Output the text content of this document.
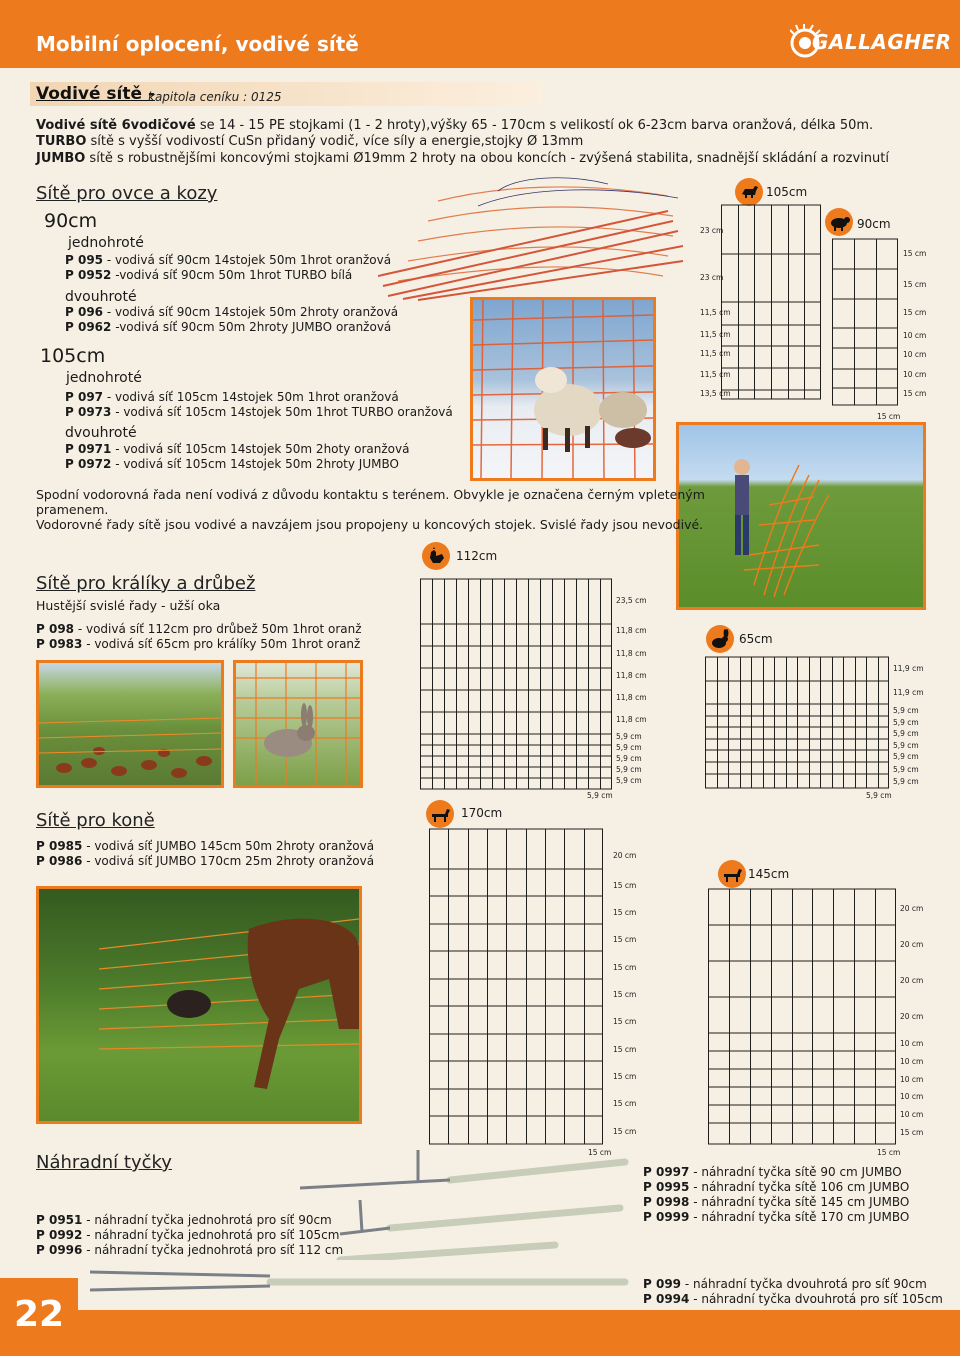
Mobilní oplocení, vodivé sítě	GALLAGHER
Vodivé sítě -
kapitola ceníku : 0125
Vodivé sítě 6vodičové se 14 - 15 PE stojkami (1 - 2 hroty),výšky 65 - 170cm s velikostí ok 6-23cm barva oranžová, délka 50m.
TURBO sítě s vyšší vodivostí CuSn přidaný vodič, více síly a energie,stojky Ø 13mm
JUMBO sítě s robustnějšími koncovými stojkami Ø19mm 2 hroty na obou koncích - zvýšená stabilita, snadnější skládání a rozvinutí
Sítě pro ovce a kozy
90cm
jednohroté
P 095 - vodivá síť 90cm 14stojek 50m 1hrot oranžová
P 0952 -vodivá síť 90cm 50m 1hrot TURBO bílá
dvouhroté
P 096 - vodivá síť 90cm 14stojek 50m 2hroty oranžová
P 0962 -vodivá síť 90cm 50m 2hroty JUMBO oranžová
105cm
jednohroté
P 097 - vodivá síť 105cm 14stojek 50m 1hrot oranžová
P 0973 - vodivá síť 105cm 14stojek 50m 1hrot TURBO oranžová
dvouhroté
P 0971 - vodivá síť 105cm 14stojek 50m 2hoty oranžová
P 0972 - vodivá síť 105cm 14stojek 50m 2hroty JUMBO
105cm
90cm
15 cm
Spodní vodorovná řada není vodivá z důvodu kontaktu s terénem. Obvykle je označena černým vpleteným
pramenem.
Vodorovné řady sítě jsou vodivé a navzájem jsou propojeny u koncových stojek. Svislé řady jsou nevodivé.
Sítě pro králíky a drůbež
Hustější svislé řady - užší oka
P 098 - vodivá síť 112cm pro drůbež 50m 1hrot oranž
P 0983 - vodivá síť 65cm pro králíky 50m 1hrot oranž
112cm
5,9 cm
65cm
5,9 cm
Sítě pro koně
P 0985 - vodivá síť JUMBO 145cm 50m 2hroty oranžová
P 0986 - vodivá síť JUMBO 170cm 25m 2hroty oranžová
170cm
15 cm
145cm
15 cm
Náhradní tyčky
P 0951 - náhradní tyčka jednohrotá pro síť 90cm
P 0992 - náhradní tyčka jednohrotá pro síť 105cm
P 0996 - náhradní tyčka jednohrotá pro síť 112 cm
P 0997 - náhradní tyčka sítě 90 cm JUMBO
P 0995 - náhradní tyčka sítě 106 cm JUMBO
P 0998 - náhradní tyčka sítě 145 cm JUMBO
P 0999 - náhradní tyčka sítě 170 cm JUMBO
P 099 - náhradní tyčka dvouhrotá pro síť 90cm
P 0994 - náhradní tyčka dvouhrotá pro síť 105cm
22
23 cm
23 cm
11,5 cm
11,5 cm
11,5 cm
11,5 cm
13,5 cm
15 cm
15 cm
15 cm
10 cm
10 cm
10 cm
15 cm
23,5 cm
11,8 cm
11,8 cm
11,8 cm
11,8 cm
11,8 cm
5,9 cm
5,9 cm
5,9 cm
5,9 cm
5,9 cm
11,9 cm
11,9 cm
5,9 cm
5,9 cm
5,9 cm
5,9 cm
5,9 cm
5,9 cm
5,9 cm
20 cm
15 cm
15 cm
15 cm
15 cm
15 cm
15 cm
15 cm
15 cm
15 cm
15 cm
20 cm
20 cm
20 cm
20 cm
10 cm
10 cm
10 cm
10 cm
10 cm
15 cm
